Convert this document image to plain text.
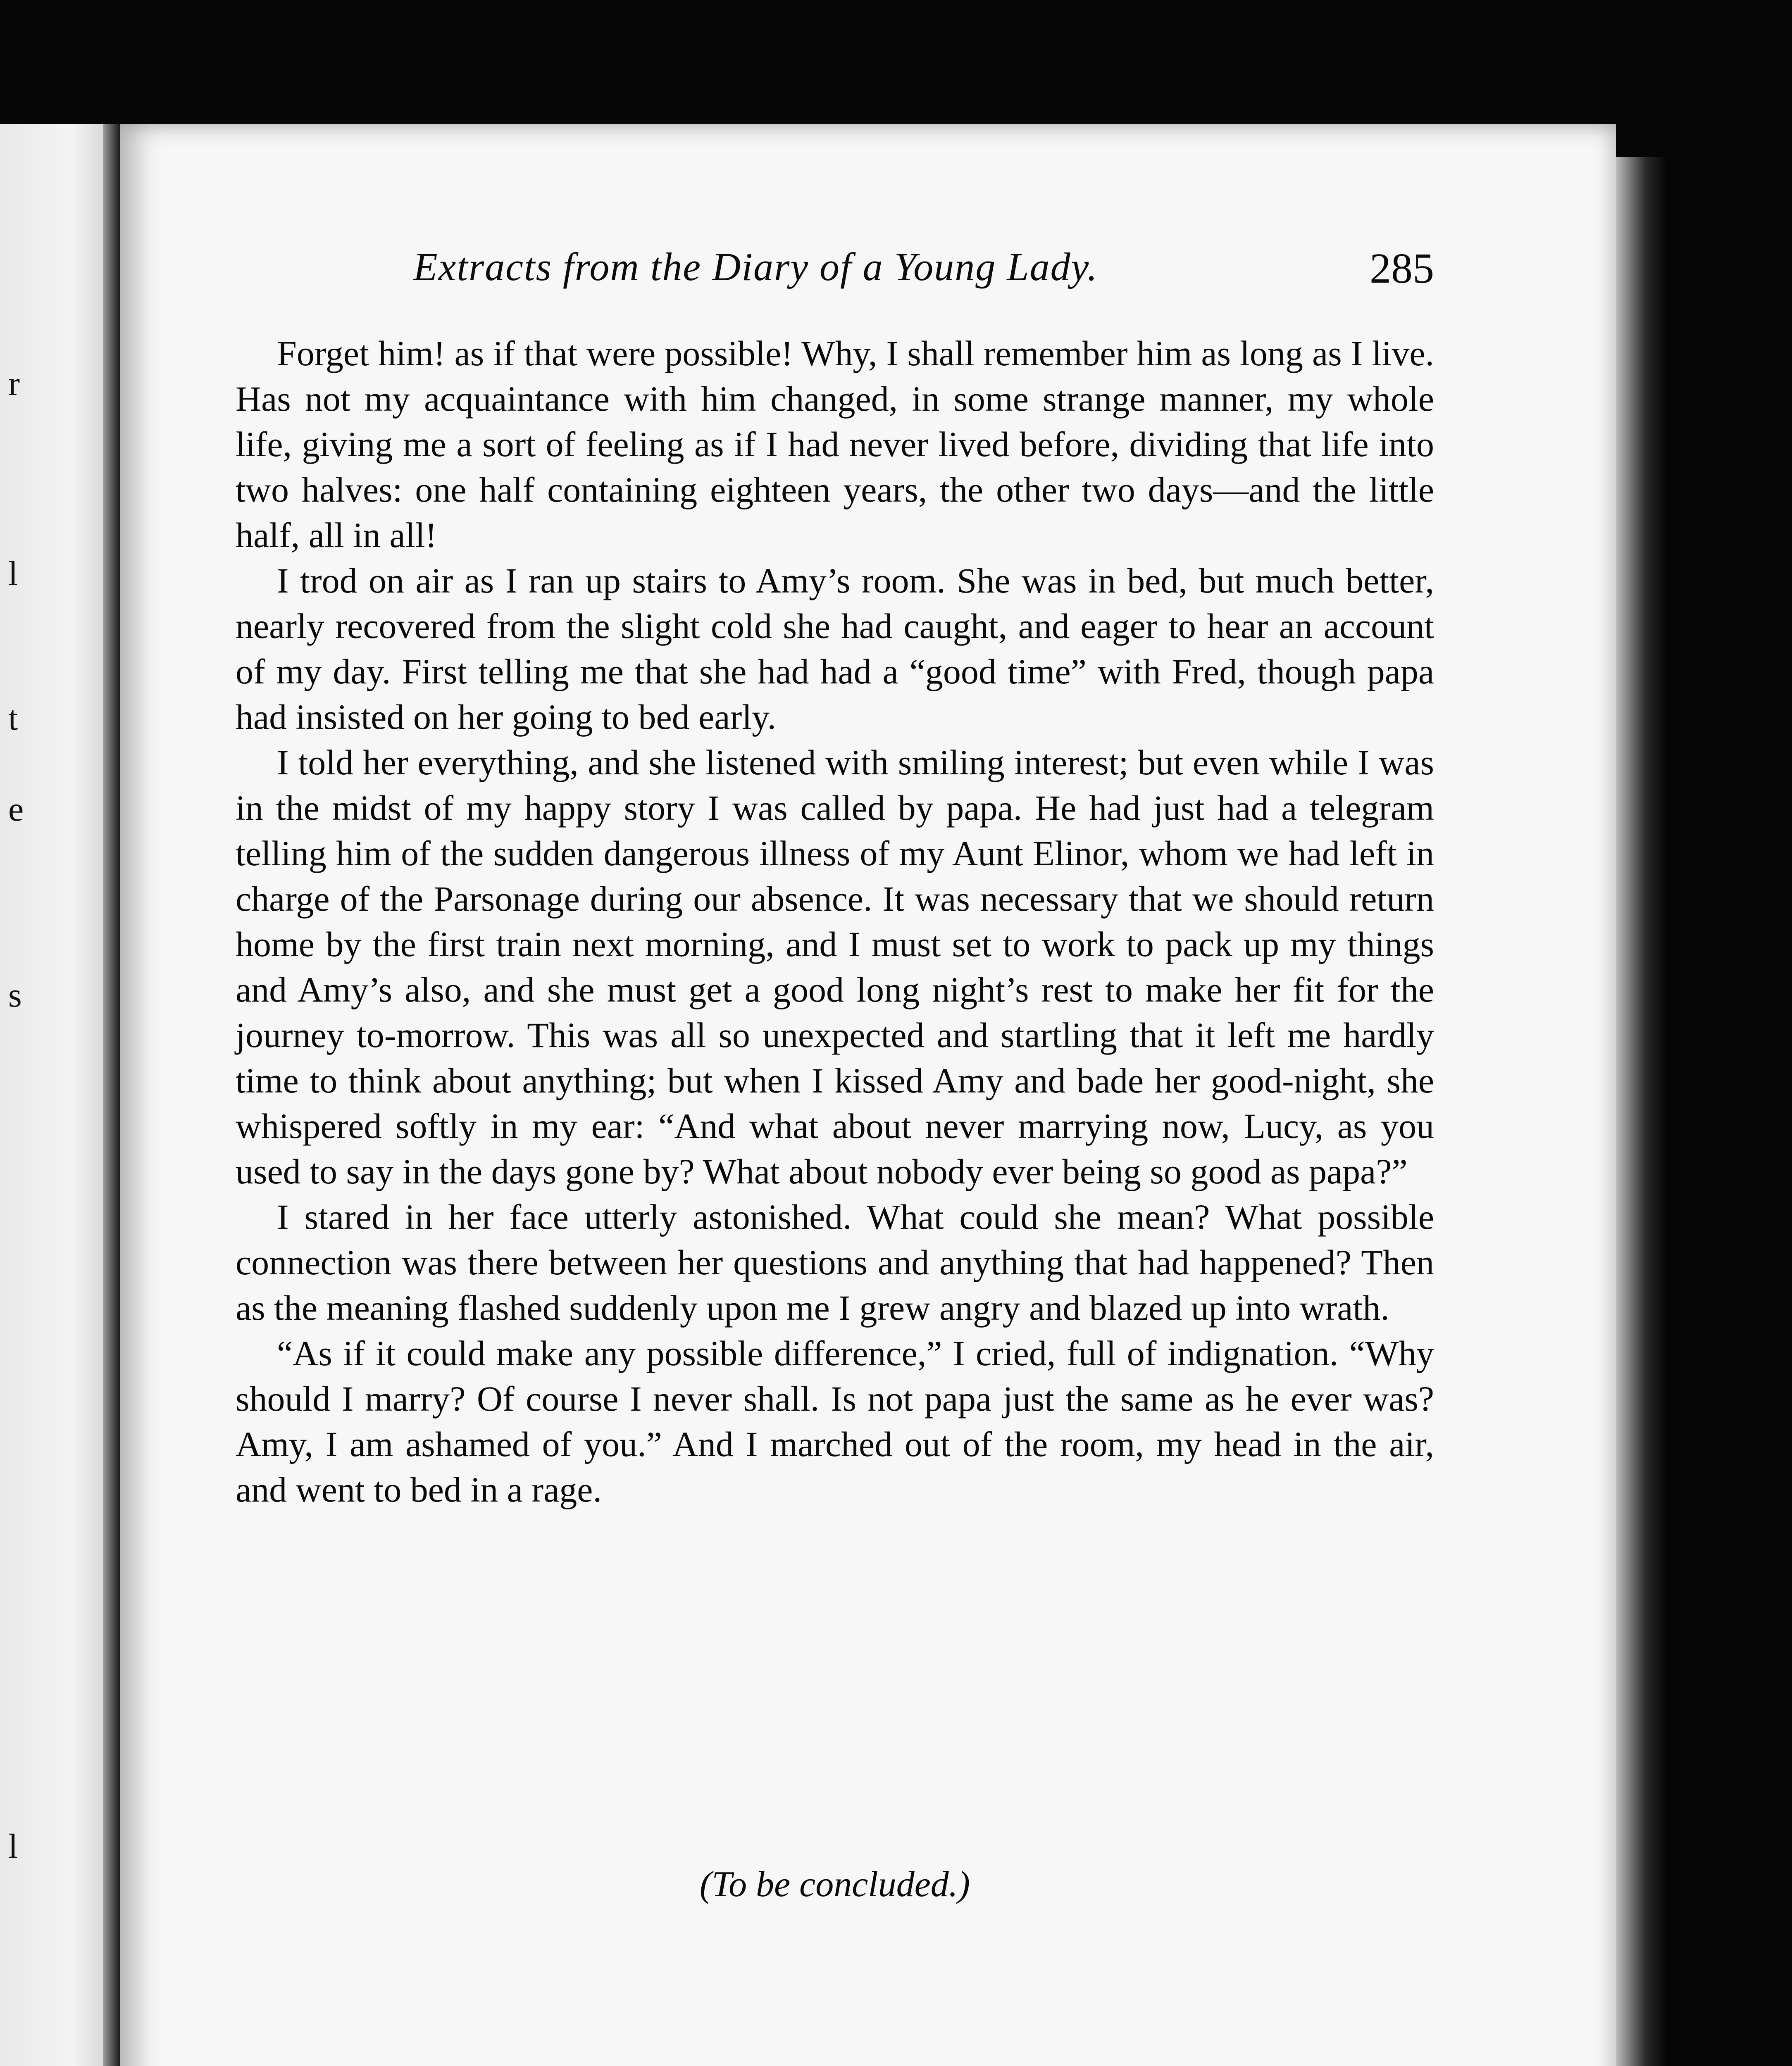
r
l
t
e
s
l
Extracts from the Diary of a Young Lady.	285

Forget him! as if that were possible! Why, I shall remember him as long as I live. Has not my acquaintance with him changed, in some strange manner, my whole life, giving me a sort of feeling as if I had never lived before, dividing that life into two halves: one half containing eighteen years, the other two days—and the little half, all in all!

I trod on air as I ran up stairs to Amy’s room. She was in bed, but much better, nearly recovered from the slight cold she had caught, and eager to hear an account of my day. First telling me that she had had a “good time” with Fred, though papa had insisted on her going to bed early.

I told her everything, and she listened with smiling interest; but even while I was in the midst of my happy story I was called by papa. He had just had a telegram telling him of the sudden dangerous illness of my Aunt Elinor, whom we had left in charge of the Parsonage during our absence. It was necessary that we should return home by the first train next morning, and I must set to work to pack up my things and Amy’s also, and she must get a good long night’s rest to make her fit for the journey to-morrow. This was all so unexpected and startling that it left me hardly time to think about anything; but when I kissed Amy and bade her good-night, she whispered softly in my ear: “And what about never marrying now, Lucy, as you used to say in the days gone by? What about nobody ever being so good as papa?”

I stared in her face utterly astonished. What could she mean? What possible connection was there between her questions and anything that had happened? Then as the meaning flashed suddenly upon me I grew angry and blazed up into wrath.

“As if it could make any possible difference,” I cried, full of indignation. “Why should I marry? Of course I never shall. Is not papa just the same as he ever was? Amy, I am ashamed of you.” And I marched out of the room, my head in the air, and went to bed in a rage.

(To be concluded.)
